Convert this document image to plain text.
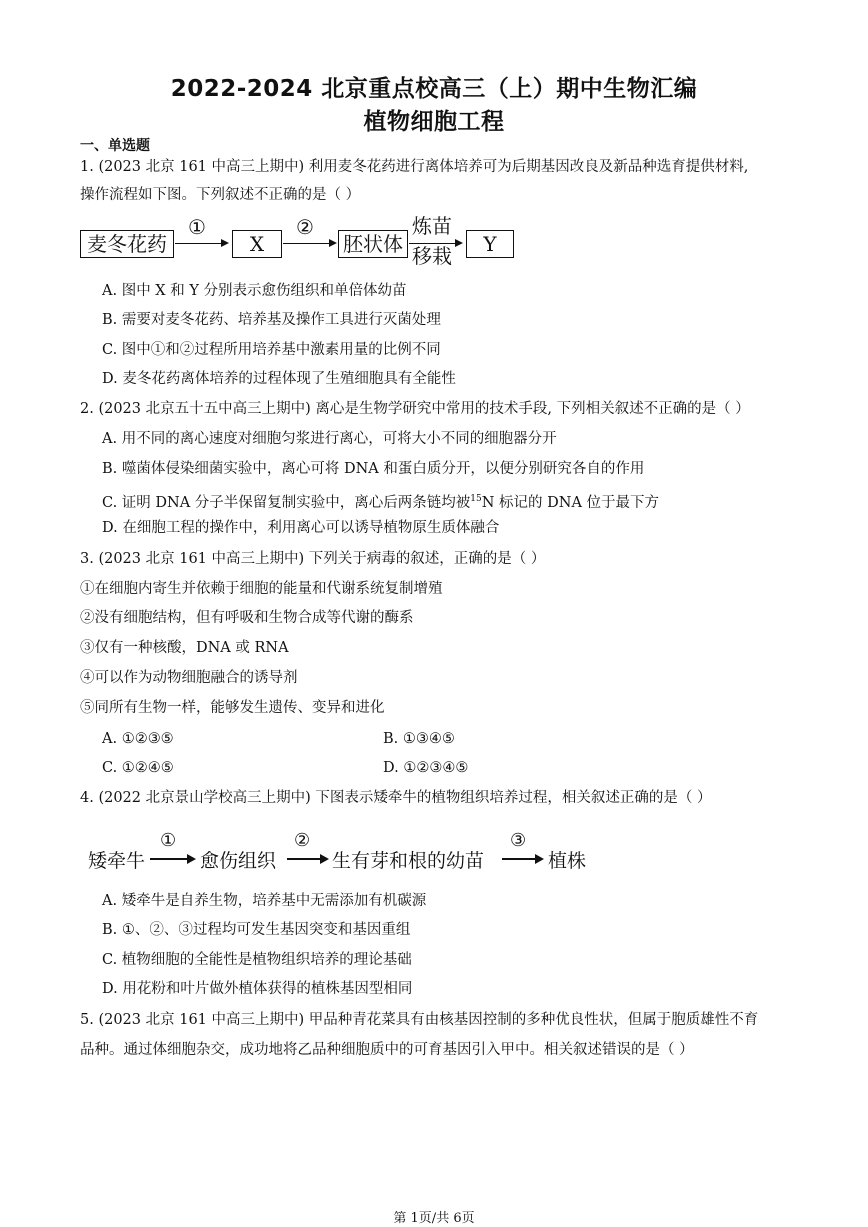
2022-2024 北京重点校高三（上）期中生物汇编
植物细胞工程
一、单选题
1. (2023 北京 161 中高三上期中) 利用麦冬花药进行离体培养可为后期基因改良及新品种选育提供材料,
操作流程如下图。下列叙述不正确的是（ ）
麦冬花药
①
X
②
胚状体
炼苗
移栽	Y
A. 图中 X 和 Y 分别表示愈伤组织和单倍体幼苗
B. 需要对麦冬花药、培养基及操作工具进行灭菌处理
C. 图中①和②过程所用培养基中激素用量的比例不同
D. 麦冬花药离体培养的过程体现了生殖细胞具有全能性
2. (2023 北京五十五中高三上期中) 离心是生物学研究中常用的技术手段, 下列相关叙述不正确的是（ ）
A. 用不同的离心速度对细胞匀浆进行离心，可将大小不同的细胞器分开
B. 噬菌体侵染细菌实验中，离心可将 DNA 和蛋白质分开，以便分别研究各自的作用
C. 证明 DNA 分子半保留复制实验中，离心后两条链均被$^{15}$N 标记的 DNA 位于最下方
D. 在细胞工程的操作中，利用离心可以诱导植物原生质体融合
3. (2023 北京 161 中高三上期中) 下列关于病毒的叙述，正确的是（ ）
①在细胞内寄生并依赖于细胞的能量和代谢系统复制增殖
②没有细胞结构，但有呼吸和生物合成等代谢的酶系
③仅有一种核酸，DNA 或 RNA
④可以作为动物细胞融合的诱导剂
⑤同所有生物一样，能够发生遗传、变异和进化
A. ①②③⑤	B. ①③④⑤
C. ①②④⑤	D. ①②③④⑤
4. (2022 北京景山学校高三上期中) 下图表示矮牵牛的植物组织培养过程，相关叙述正确的是（ ）
矮牵牛
①
愈伤组织
②
生有芽和根的幼苗
③
植株
A. 矮牵牛是自养生物，培养基中无需添加有机碳源
B. ①、②、③过程均可发生基因突变和基因重组
C. 植物细胞的全能性是植物组织培养的理论基础
D. 用花粉和叶片做外植体获得的植株基因型相同
5. (2023 北京 161 中高三上期中) 甲品种青花菜具有由核基因控制的多种优良性状，但属于胞质雄性不育
品种。通过体细胞杂交，成功地将乙品种细胞质中的可育基因引入甲中。相关叙述错误的是（ ）
第 1页/共 6页
